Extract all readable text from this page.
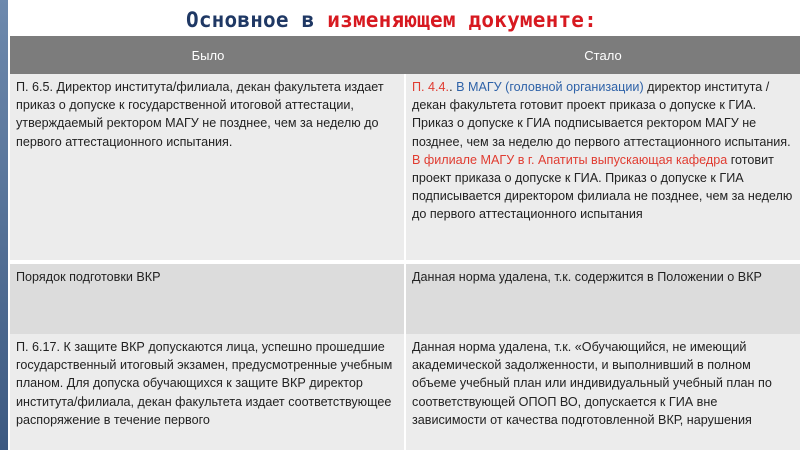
Основное в изменяющем документе:
Было	Стало
П. 6.5. Директор института/филиала, декан факультета издает приказ о допуске к государственной итоговой аттестации, утверждаемый ректором МАГУ не позднее, чем за неделю до первого аттестационного испытания.
П. 4.4.. В МАГУ (головной организации) директор института / декан факультета готовит проект приказа о допуске к ГИА. Приказ о допуске к ГИА подписывается ректором МАГУ не позднее, чем за неделю до первого аттестационного испытания.
В филиале МАГУ в г. Апатиты выпускающая кафедра готовит проект приказа о допуске к ГИА. Приказ о допуске к ГИА подписывается директором филиала не позднее, чем за неделю до первого аттестационного испытания
Порядок подготовки ВКР	Данная норма удалена, т.к. содержится в Положении о ВКР
П. 6.17. К защите ВКР допускаются лица, успешно прошедшие государственный итоговый экзамен, предусмотренные учебным планом. Для допуска обучающихся к защите ВКР директор института/филиала, декан факультета издает соответствующее распоряжение в течение первого
Данная норма удалена, т.к. «Обучающийся, не имеющий академической задолженности, и выполнивший в полном объеме учебный план или индивидуальный учебный план по соответствующей ОПОП ВО, допускается к ГИА вне зависимости от качества подготовленной ВКР, нарушения
